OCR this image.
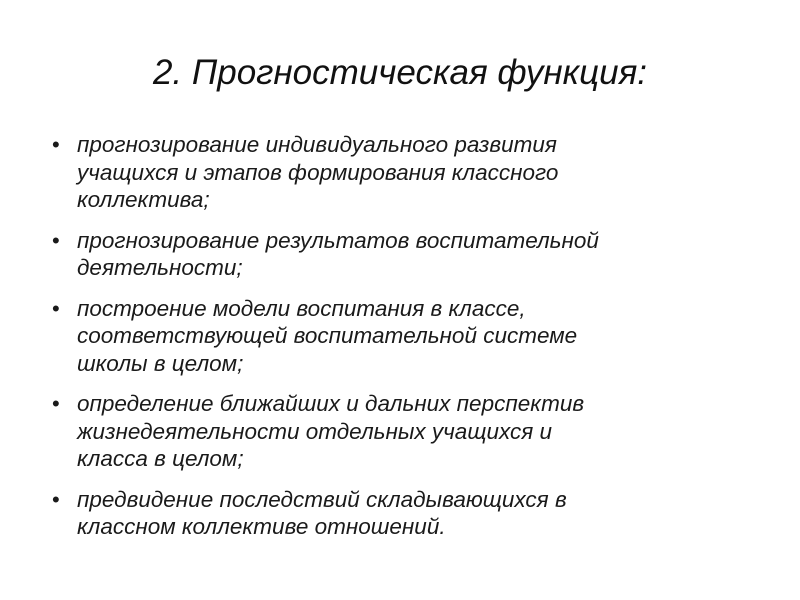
2. Прогностическая функция:
• прогнозирование индивидуального развития
учащихся и этапов формирования классного
коллектива;
• прогнозирование результатов воспитательной
деятельности;
• построение модели воспитания в классе,
соответствующей воспитательной системе
школы в целом;
• определение ближайших и дальних перспектив
жизнедеятельности отдельных учащихся и
класса в целом;
• предвидение последствий складывающихся в
классном коллективе отношений.
